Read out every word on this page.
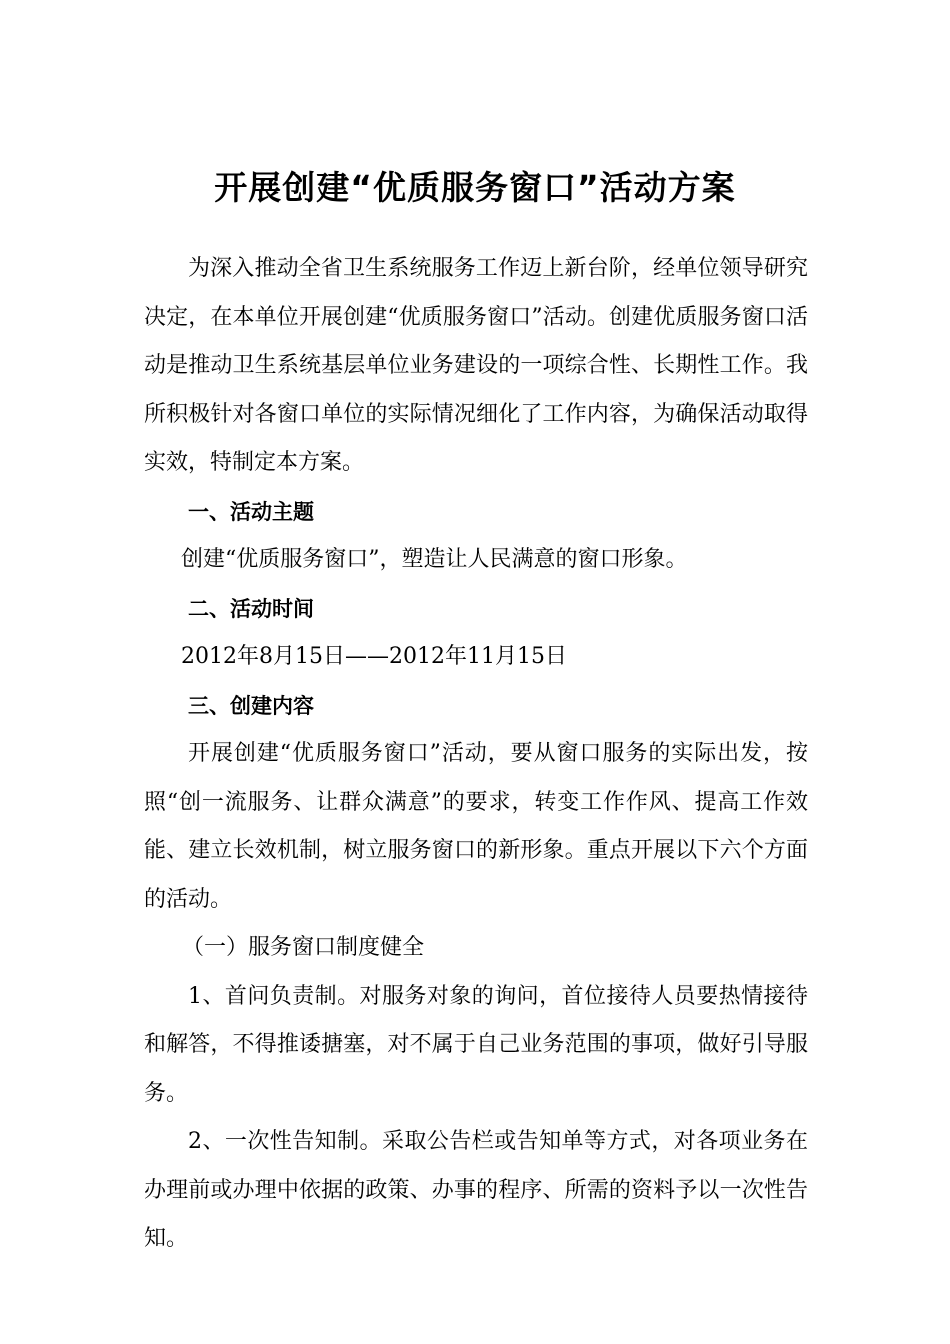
开展创建“优质服务窗口”活动方案

为深入推动全省卫生系统服务工作迈上新台阶，经单位领导研究决定，在本单位开展创建“优质服务窗口”活动。创建优质服务窗口活动是推动卫生系统基层单位业务建设的一项综合性、长期性工作。我所积极针对各窗口单位的实际情况细化了工作内容，为确保活动取得实效，特制定本方案。

一、活动主题

创建“优质服务窗口”，塑造让人民满意的窗口形象。

二、活动时间

2012年8月15日——2012年11月15日

三、创建内容

开展创建“优质服务窗口”活动，要从窗口服务的实际出发，按照“创一流服务、让群众满意”的要求，转变工作作风、提高工作效能、建立长效机制，树立服务窗口的新形象。重点开展以下六个方面的活动。

（一）服务窗口制度健全

1、首问负责制。对服务对象的询问，首位接待人员要热情接待和解答，不得推诿搪塞，对不属于自己业务范围的事项，做好引导服务。

2、一次性告知制。采取公告栏或告知单等方式，对各项业务在办理前或办理中依据的政策、办事的程序、所需的资料予以一次性告知。
